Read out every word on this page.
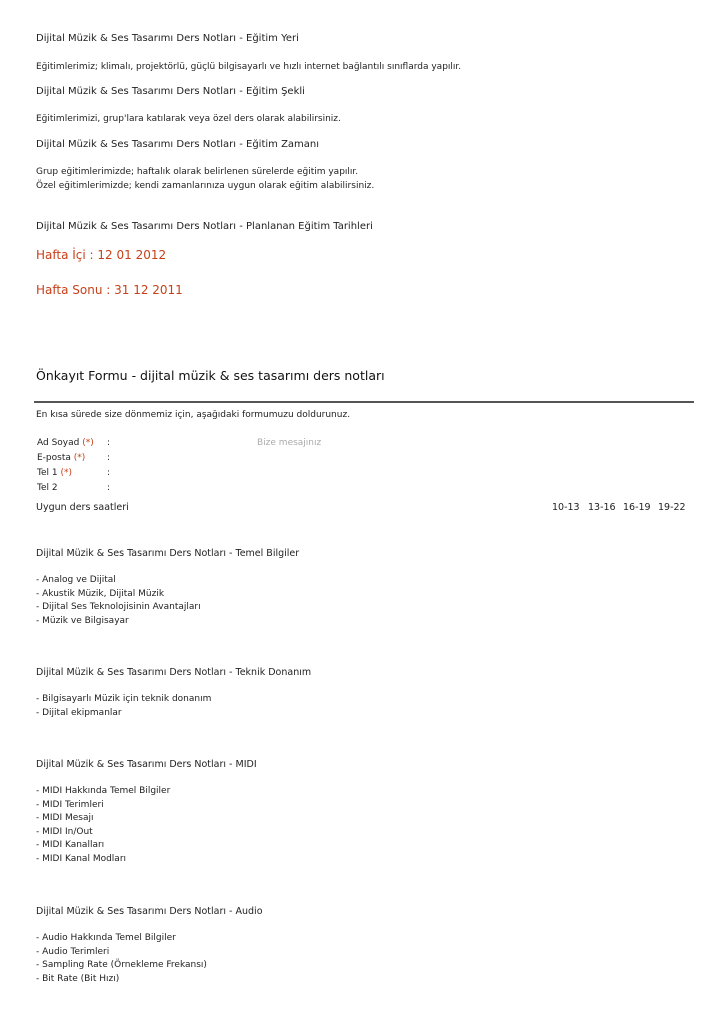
Dijital Müzik & Ses Tasarımı Ders Notları - Eğitim Yeri
Eğitimlerimiz; klimalı, projektörlü, güçlü bilgisayarlı ve hızlı internet bağlantılı sınıflarda yapılır.
Dijital Müzik & Ses Tasarımı Ders Notları - Eğitim Şekli
Eğitimlerimizi, grup'lara katılarak veya özel ders olarak alabilirsiniz.
Dijital Müzik & Ses Tasarımı Ders Notları - Eğitim Zamanı
Grup eğitimlerimizde; haftalık olarak belirlenen sürelerde eğitim yapılır.
Özel eğitimlerimizde; kendi zamanlarınıza uygun olarak eğitim alabilirsiniz.
Dijital Müzik & Ses Tasarımı Ders Notları - Planlanan Eğitim Tarihleri
Hafta İçi : 12 01 2012
Hafta Sonu : 31 12 2011
Önkayıt Formu - dijital müzik & ses tasarımı ders notları
En kısa sürede size dönmemiz için, aşağıdaki formumuzu doldurunuz.
Ad Soyad (*) :	Bize mesajınız
E-posta (*) :
Tel 1 (*)	:
Tel 2	:
Uygun ders saatleri	10-13 13-16 16-19 19-22
Dijital Müzik & Ses Tasarımı Ders Notları - Temel Bilgiler
- Analog ve Dijital
- Akustik Müzik, Dijital Müzik
- Dijital Ses Teknolojisinin Avantajları
- Müzik ve Bilgisayar
Dijital Müzik & Ses Tasarımı Ders Notları - Teknik Donanım
- Bilgisayarlı Müzik için teknik donanım
- Dijital ekipmanlar
Dijital Müzik & Ses Tasarımı Ders Notları - MIDI
- MIDI Hakkında Temel Bilgiler
- MIDI Terimleri
- MIDI Mesajı
- MIDI In/Out
- MIDI Kanalları
- MIDI Kanal Modları
Dijital Müzik & Ses Tasarımı Ders Notları - Audio
- Audio Hakkında Temel Bilgiler
- Audio Terimleri
- Sampling Rate (Örnekleme Frekansı)
- Bit Rate (Bit Hızı)
